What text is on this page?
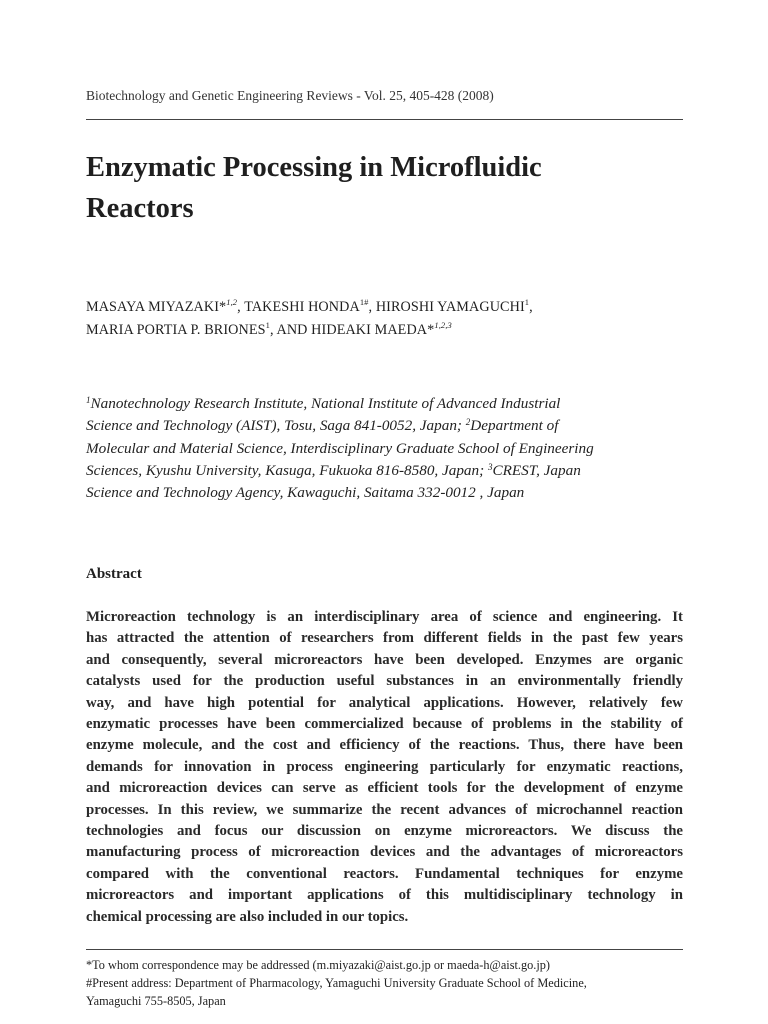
Biotechnology and Genetic Engineering Reviews - Vol. 25, 405-428 (2008)
Enzymatic Processing in Microfluidic
Reactors
MASAYA MIYAZAKI*$^{1,2}$, TAKESHI $HONDA^{1\#}$, HIROSHI YAMAGUCHI$^1$,
MARIA PORTIA P. BRIONES$^1$, AND HIDEAKI MAEDA*$^{1,2,3}$
$^1$Nanotechnology Research Institute, National Institute of Advanced Industrial
Science and Technology (AIST), Tosu, Saga 841-0052, Japan; $^2$Department of
Molecular and Material Science, Interdisciplinary Graduate School of Engineering
Sciences, Kyushu University, Kasuga, Fukuoka 816-8580, Japan; $^3$CREST, Japan
Science and Technology Agency, Kawaguchi, Saitama 332-0012 , Japan
Abstract
Microreaction technology is an interdisciplinary area of science and engineering. It
has attracted the attention of researchers from different fields in the past few years
and consequently, several microreactors have been developed. Enzymes are organic
catalysts used for the production useful substances in an environmentally friendly
way, and have high potential for analytical applications. However, relatively few
enzymatic processes have been commercialized because of problems in the stability of
enzyme molecule, and the cost and efficiency of the reactions. Thus, there have been
demands for innovation in process engineering particularly for enzymatic reactions,
and microreaction devices can serve as efficient tools for the development of enzyme
processes. In this review, we summarize the recent advances of microchannel reaction
technologies and focus our discussion on enzyme microreactors. We discuss the
manufacturing process of microreaction devices and the advantages of microreactors
compared with the conventional reactors. Fundamental techniques for enzyme
microreactors and important applications of this multidisciplinary technology in
chemical processing are also included in our topics.
*To whom correspondence may be addressed (m.miyazaki@aist.go.jp or maeda-h@aist.go.jp)
#Present address: Department of Pharmacology, Yamaguchi University Graduate School of Medicine,
Yamaguchi 755-8505, Japan
